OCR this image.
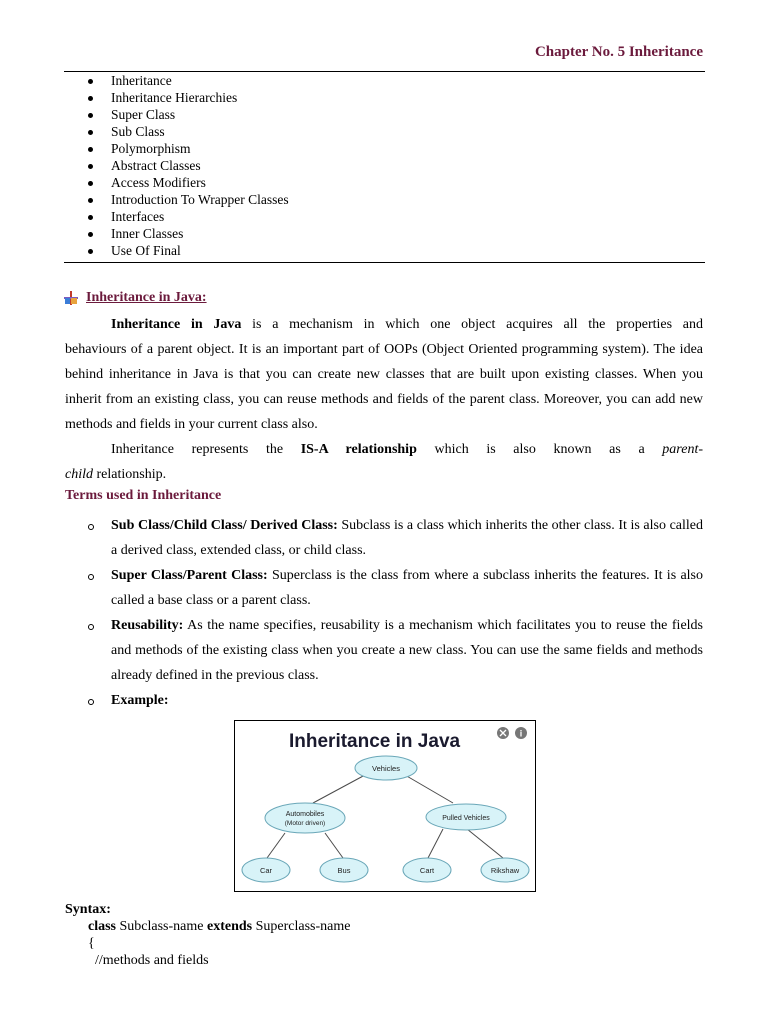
Chapter No. 5 Inheritance
Inheritance
Inheritance Hierarchies
Super Class
Sub Class
Polymorphism
Abstract Classes
Access Modifiers
Introduction To Wrapper Classes
Interfaces
Inner Classes
Use Of Final
Inheritance in Java:
Inheritance in Java is a mechanism in which one object acquires all the properties and
behaviours of a parent object. It is an important part of OOPs (Object Oriented programming system). The idea behind inheritance in Java is that you can create new classes that are built upon existing classes. When you inherit from an existing class, you can reuse methods and fields of the parent class. Moreover, you can add new methods and fields in your current class also.
Inheritance represents the IS-A relationship which is also known as a parent-
child relationship.
Terms used in Inheritance
Sub Class/Child Class/ Derived Class: Subclass is a class which inherits the other class. It is also called a derived class, extended class, or child class.
Super Class/Parent Class: Superclass is the class from where a subclass inherits the features. It is also called a base class or a parent class.
Reusability: As the name specifies, reusability is a mechanism which facilitates you to reuse the fields and methods of the existing class when you create a new class. You can use the same fields and methods already defined in the previous class.
Example:
Inheritance in Java	i
Vehicles
Automobiles
(Motor driven)
Pulled Vehicles
Car	Bus	Cart	Rikshaw
Syntax:
class Subclass-name extends Superclass-name
{
//methods and fields
